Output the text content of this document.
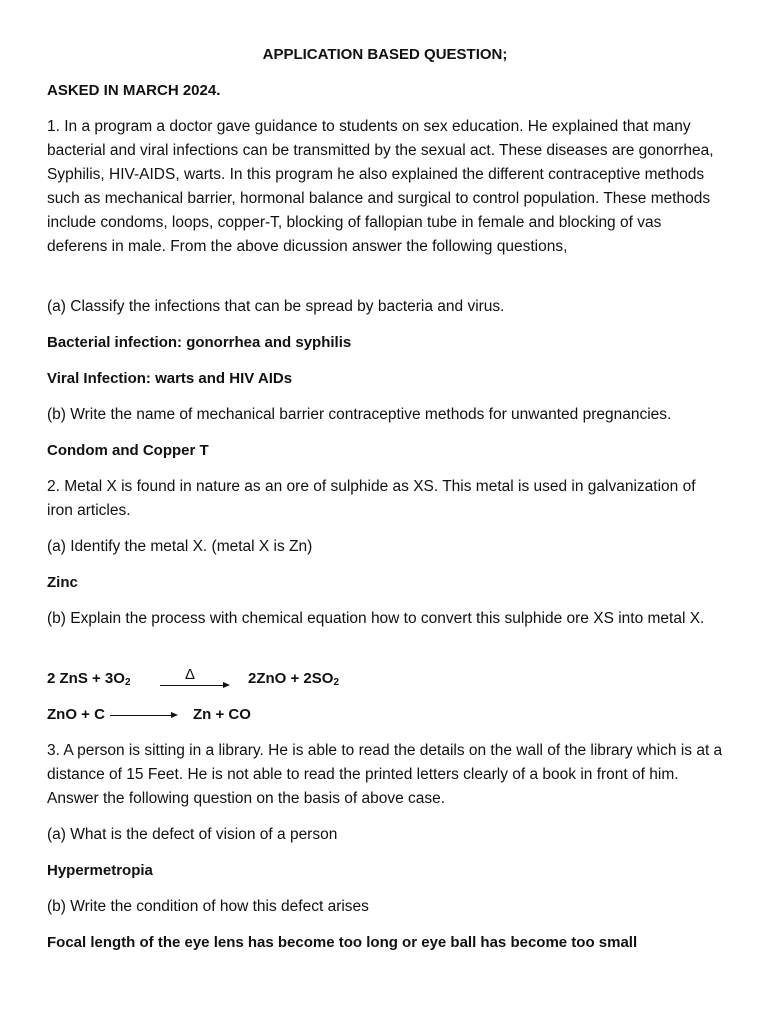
APPLICATION BASED QUESTION;
ASKED IN MARCH 2024.
1. In a program a doctor gave guidance to students on sex education. He explained that many bacterial and viral infections can be transmitted by the sexual act. These diseases are gonorrhea, Syphilis, HIV-AIDS, warts. In this program he also explained the different contraceptive methods such as mechanical barrier, hormonal balance and surgical to control population. These methods include condoms, loops, copper-T, blocking of fallopian tube in female and blocking of vas deferens in male. From the above dicussion answer the following questions,
(a) Classify the infections that can be spread by bacteria and virus.
Bacterial infection: gonorrhea and syphilis
Viral Infection: warts and HIV AIDs
(b) Write the name of mechanical barrier contraceptive methods for unwanted pregnancies.
Condom and Copper T
2. Metal X is found in nature as an ore of sulphide as XS. This metal is used in galvanization of iron articles.
(a) Identify the metal X. (metal X is Zn)
Zinc
(b) Explain the process with chemical equation how to convert this sulphide ore XS into metal X.
2 ZnS + $3O_2$	Δ	$2ZnO + 2SO_2$
ZnO + C	Zn + CO
3. A person is sitting in a library. He is able to read the details on the wall of the library which is at a distance of 15 Feet. He is not able to read the printed letters clearly of a book in front of him. Answer the following question on the basis of above case.
(a) What is the defect of vision of a person
Hypermetropia
(b) Write the condition of how this defect arises
Focal length of the eye lens has become too long or eye ball has become too small
